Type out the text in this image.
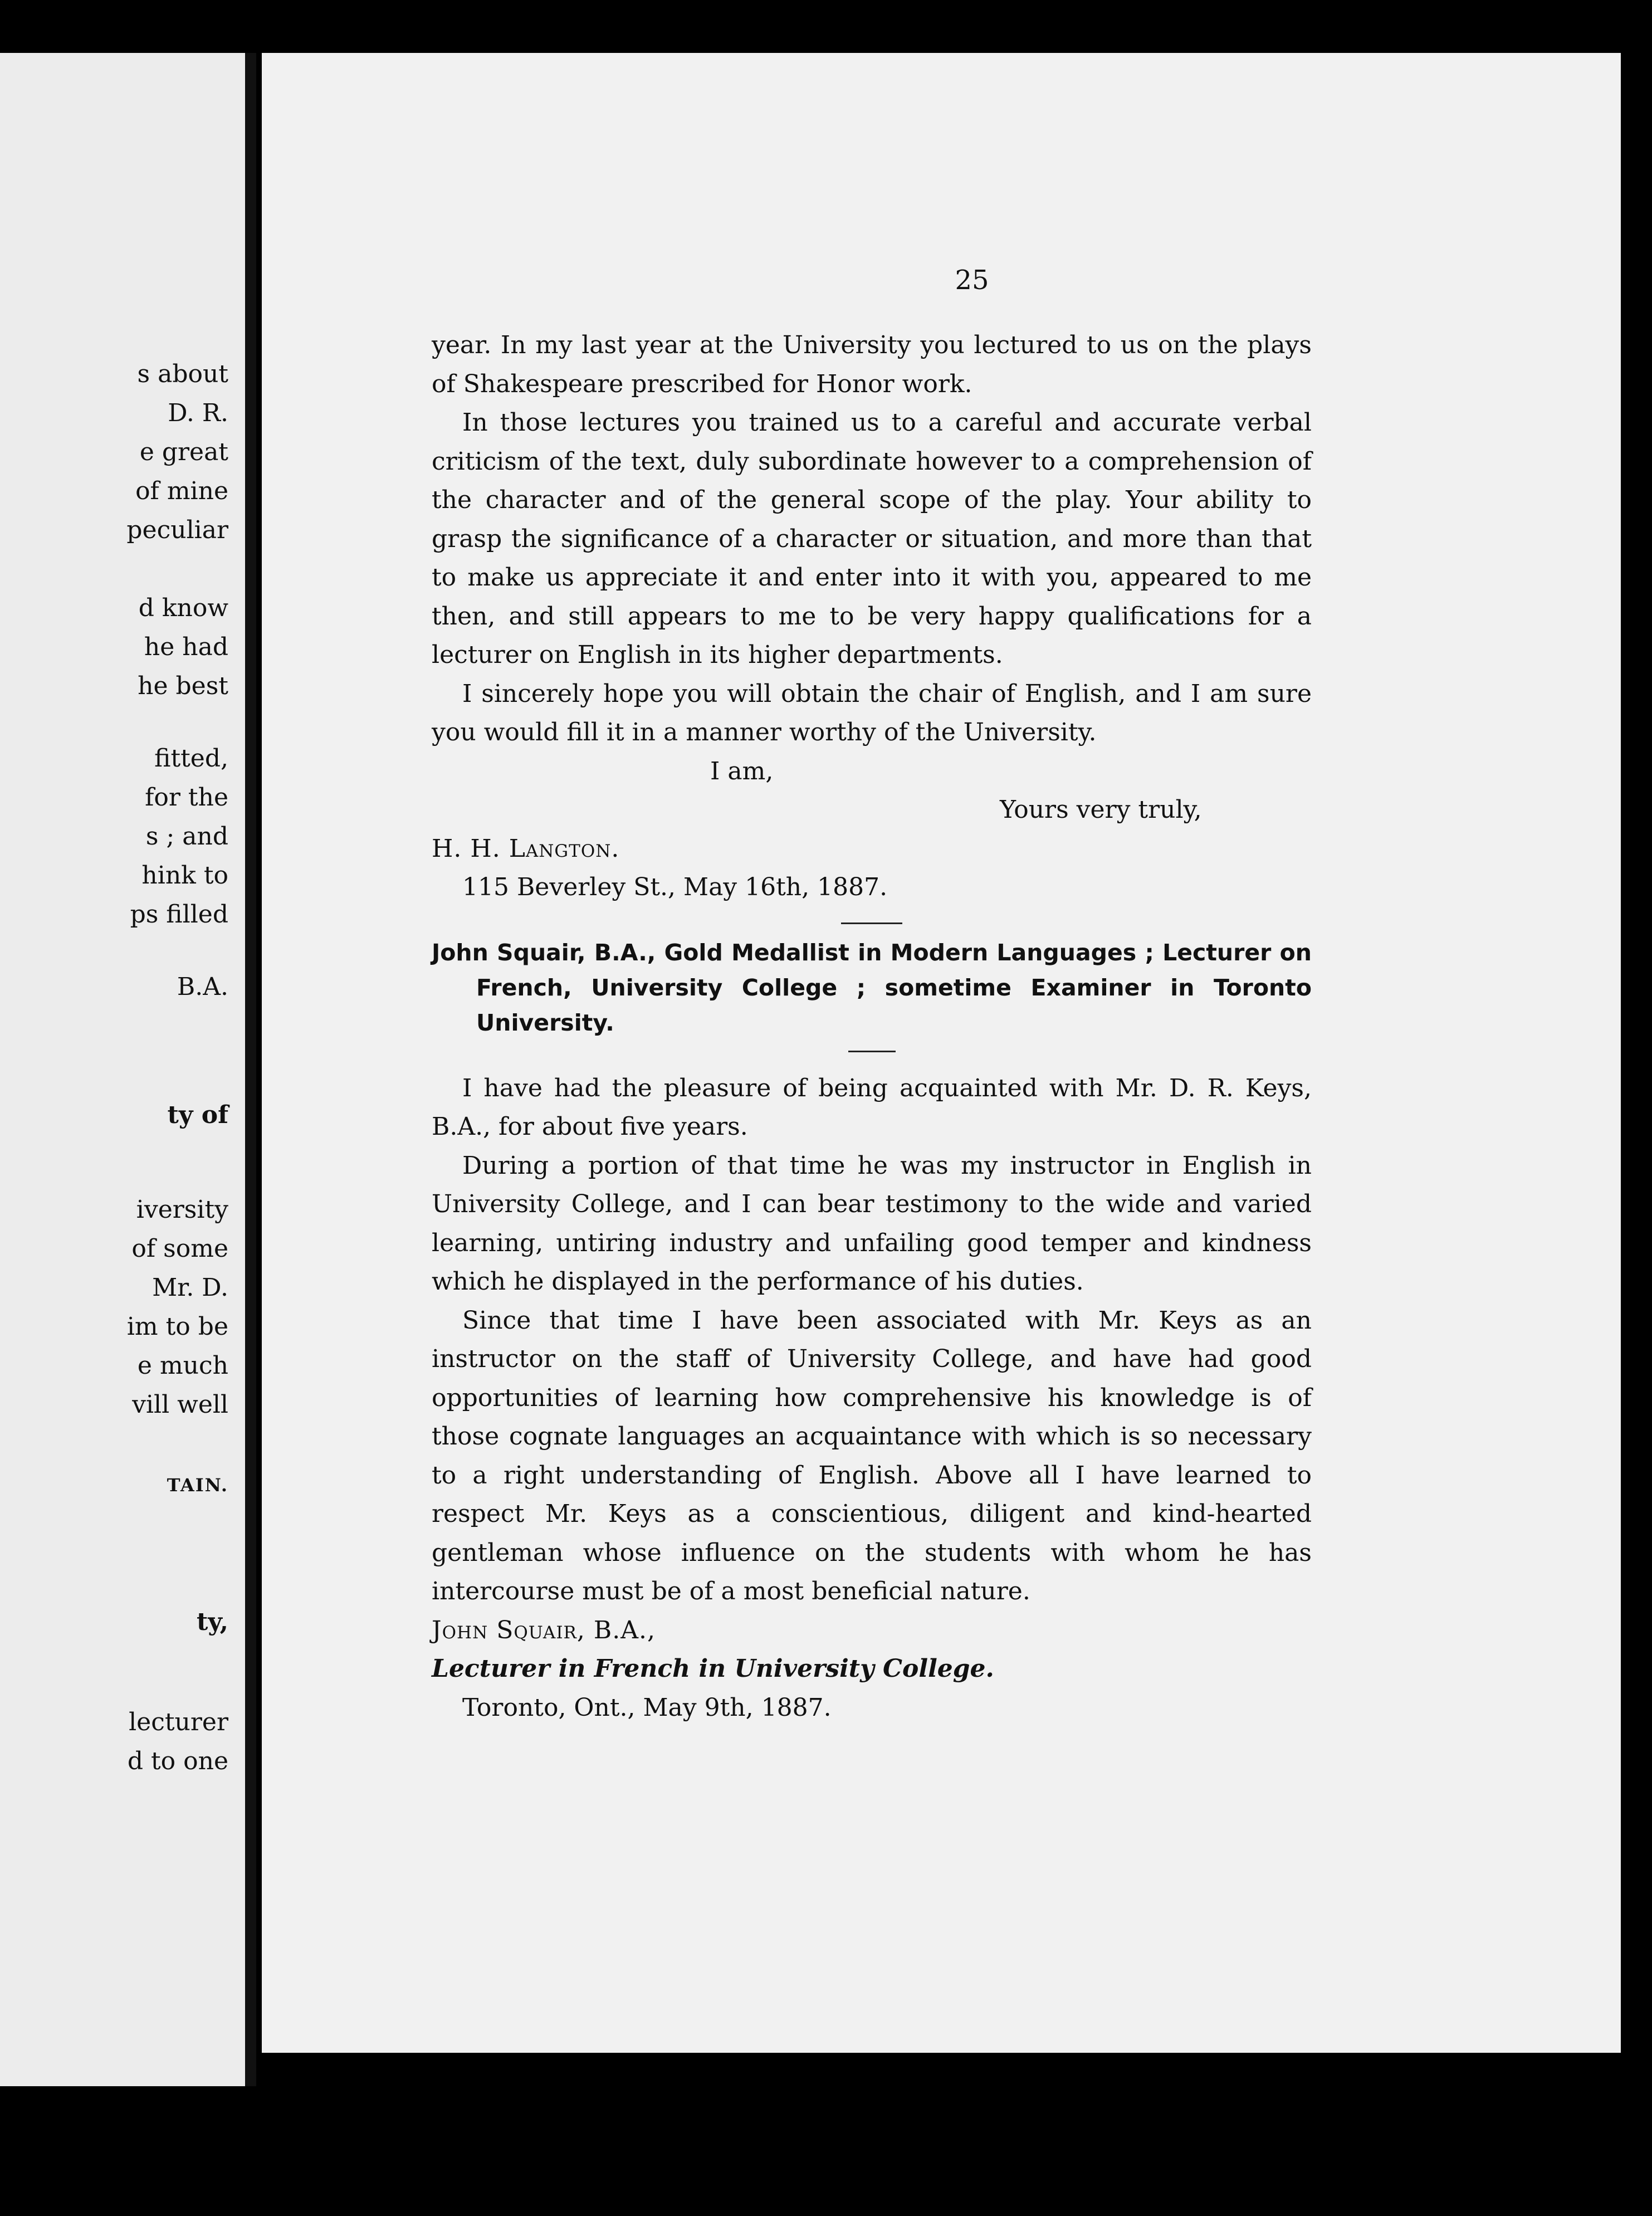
s about
D. R.
e great
of mine
peculiar
d know
he had
he best
fitted,
for the
s ; and
hink to
ps filled
B.A.
ty of
iversity
of some
Mr. D.
im to be
e much
vill well
TAIN.
ty,
lecturer
d to one
25

year. In my last year at the University you lectured to us on the plays of Shakespeare prescribed for Honor work.

In those lectures you trained us to a careful and accurate verbal criticism of the text, duly subordinate however to a comprehension of the character and of the general scope of the play. Your ability to grasp the significance of a character or situation, and more than that to make us appreciate it and enter into it with you, appeared to me then, and still appears to me to be very happy qualifications for a lecturer on English in its higher departments.

I sincerely hope you will obtain the chair of English, and I am sure you would fill it in a manner worthy of the University.

I am,

Yours very truly,

H. H. Langton.

115 Beverley St., May 16th, 1887.

John Squair, B.A., Gold Medallist in Modern Languages ; Lecturer on French, University College ; sometime Examiner in Toronto University.

I have had the pleasure of being acquainted with Mr. D. R. Keys, B.A., for about five years.

During a portion of that time he was my instructor in English in University College, and I can bear testimony to the wide and varied learning, untiring industry and unfailing good temper and kindness which he displayed in the performance of his duties.

Since that time I have been associated with Mr. Keys as an instructor on the staff of University College, and have had good opportunities of learning how comprehensive his knowledge is of those cognate languages an acquaintance with which is so necessary to a right understanding of English. Above all I have learned to respect Mr. Keys as a conscientious, diligent and kind-hearted gentleman whose influence on the students with whom he has intercourse must be of a most beneficial nature.

John Squair, B.A.,

Lecturer in French in University College.

Toronto, Ont., May 9th, 1887.
